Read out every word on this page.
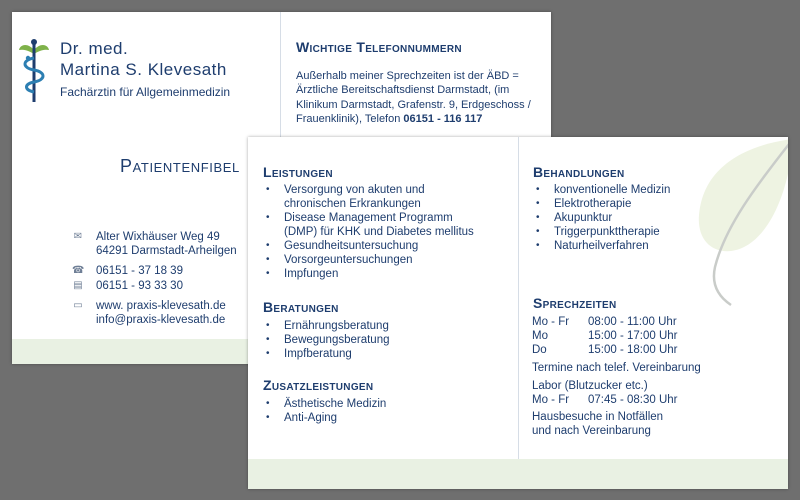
Dr. med.
Martina S. Klevesath
Fachärztin für Allgemeinmedizin
Wichtige Telefonnummern
Außerhalb meiner Sprechzeiten ist der ÄBD = Ärztliche Bereitschaftsdienst Darmstadt, (im Klinikum Darmstadt, Grafenstr. 9, Erdgeschoss / Frauenklinik), Telefon 06151 - 116 117
Patientenfibel
✉ Alter Wixhäuser Weg 49
64291 Darmstadt-Arheilgen
☎ 06151 - 37 18 39
▤ 06151 - 93 33 30
▭ www. praxis-klevesath.de
info@praxis-klevesath.de
Leistungen
• Versorgung von akuten und
chronischen Erkrankungen
• Disease Management Programm
(DMP) für KHK und Diabetes mellitus
• Gesundheitsuntersuchung
• Vorsorgeuntersuchungen
• Impfungen
Beratungen
• Ernährungsberatung
• Bewegungsberatung
• Impfberatung
Zusatzleistungen
• Ästhetische Medizin
• Anti-Aging
Behandlungen
• konventionelle Medizin
• Elektrotherapie
• Akupunktur
• Triggerpunkttherapie
• Naturheilverfahren
Sprechzeiten
Mo - Fr 08:00 - 11:00 Uhr
Mo	15:00 - 17:00 Uhr
Do	15:00 - 18:00 Uhr
Termine nach telef. Vereinbarung
Labor (Blutzucker etc.)
Mo - Fr 07:45 - 08:30 Uhr
Hausbesuche in Notfällen
und nach Vereinbarung
